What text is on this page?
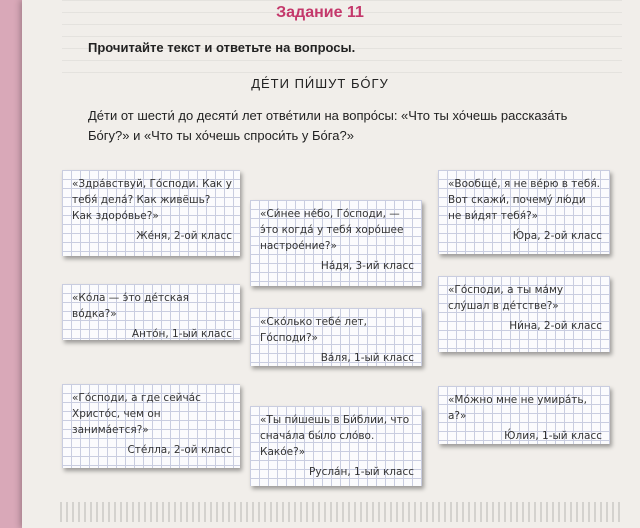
Задание 11
Прочитайте текст и ответьте на вопросы.
ДЕ́ТИ ПИ́ШУТ БО́ГУ
Де́ти от шести́ до десяти́ лет отве́тили на вопро́сы: «Что ты хо́чешь рассказа́ть Бо́гу?» и «Что ты хо́чешь спроси́ть у Бо́га?»
«Здра́вствуй, Го́споди. Как у тебя́ дела́? Как живёшь? Как здоро́вье?»
Же́ня, 2-ой класс
«Си́нее не́бо, Го́споди, — э́то когда́ у тебя́ хоро́шее настрое́ние?»
На́дя, 3-ий класс
«Вообще́, я не ве́рю в тебя́. Вот скажи́, почему́ лю́ди не ви́дят тебя́?»
Ю́ра, 2-ой класс
«Ко́ла — э́то де́тская во́дка?»
Анто́н, 1-ый класс
«Ско́лько тебе́ лет, Го́споди?»
Ва́ля, 1-ый класс
«Го́споди, а ты ма́му слу́шал в де́тстве?»
Ни́на, 2-ой класс
«Го́споди, а где сейча́с Христо́с, чем он занима́ется?»
Сте́лла, 2-ой класс
«Ты пи́шешь в Би́блии, что снача́ла бы́ло сло́во. Како́е?»
Русла́н, 1-ый класс
«Мо́жно мне не умира́ть, а?»
Ю́лия, 1-ый класс
